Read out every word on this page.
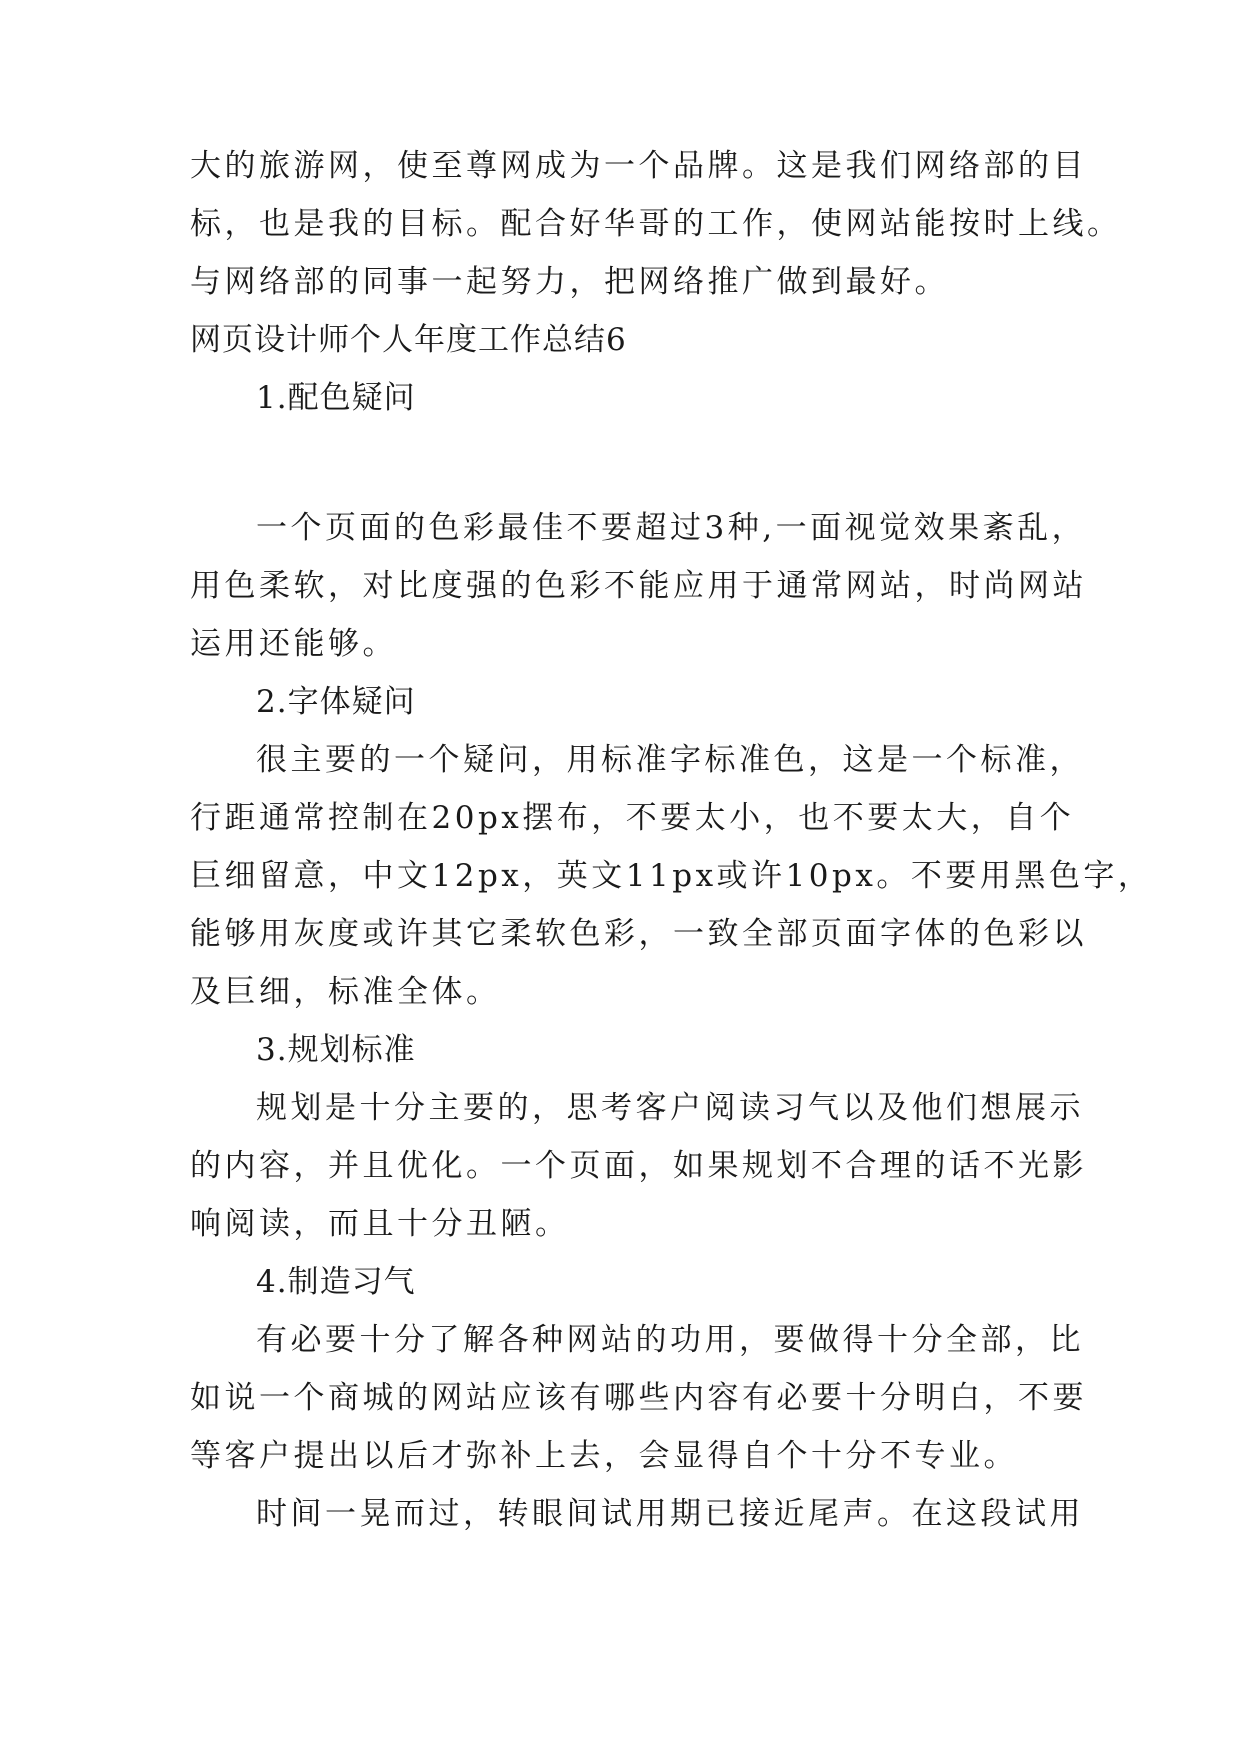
大的旅游网，使至尊网成为一个品牌。这是我们网络部的目
标，也是我的目标。配合好华哥的工作，使网站能按时上线。
与网络部的同事一起努力，把网络推广做到最好。
网页设计师个人年度工作总结6
1.配色疑问
一个页面的色彩最佳不要超过3种,一面视觉效果紊乱，
用色柔软，对比度强的色彩不能应用于通常网站，时尚网站
运用还能够。
2.字体疑问
很主要的一个疑问，用标准字标准色，这是一个标准，
行距通常控制在20px摆布，不要太小，也不要太大，自个
巨细留意，中文12px，英文11px或许10px。不要用黑色字，
能够用灰度或许其它柔软色彩，一致全部页面字体的色彩以
及巨细，标准全体。
3.规划标准
规划是十分主要的，思考客户阅读习气以及他们想展示
的内容，并且优化。一个页面，如果规划不合理的话不光影
响阅读，而且十分丑陋。
4.制造习气
有必要十分了解各种网站的功用，要做得十分全部，比
如说一个商城的网站应该有哪些内容有必要十分明白，不要
等客户提出以后才弥补上去，会显得自个十分不专业。
时间一晃而过，转眼间试用期已接近尾声。在这段试用
